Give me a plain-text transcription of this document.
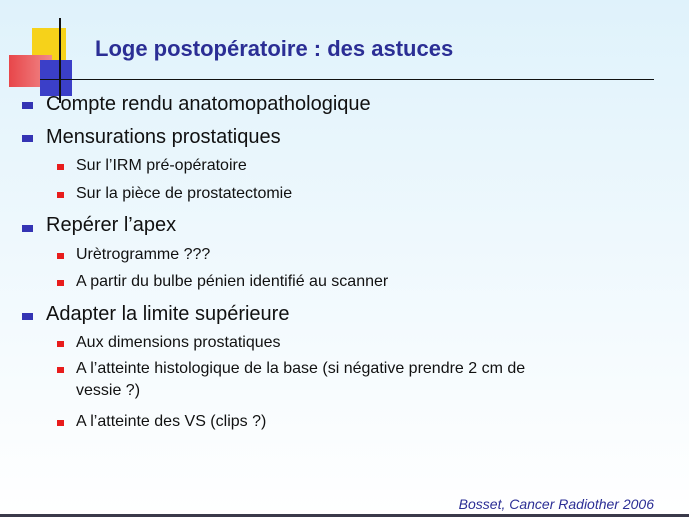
Loge postopératoire : des astuces
Compte rendu anatomopathologique
Mensurations prostatiques
Sur l’IRM pré-opératoire
Sur la pièce de prostatectomie
Repérer l’apex
Urètrogramme ???
A partir du bulbe pénien identifié au scanner
Adapter la limite supérieure
Aux dimensions prostatiques
A l’atteinte histologique de la base (si négative prendre 2 cm de
vessie ?)
A l’atteinte des VS (clips ?)
Bosset, Cancer Radiother 2006
